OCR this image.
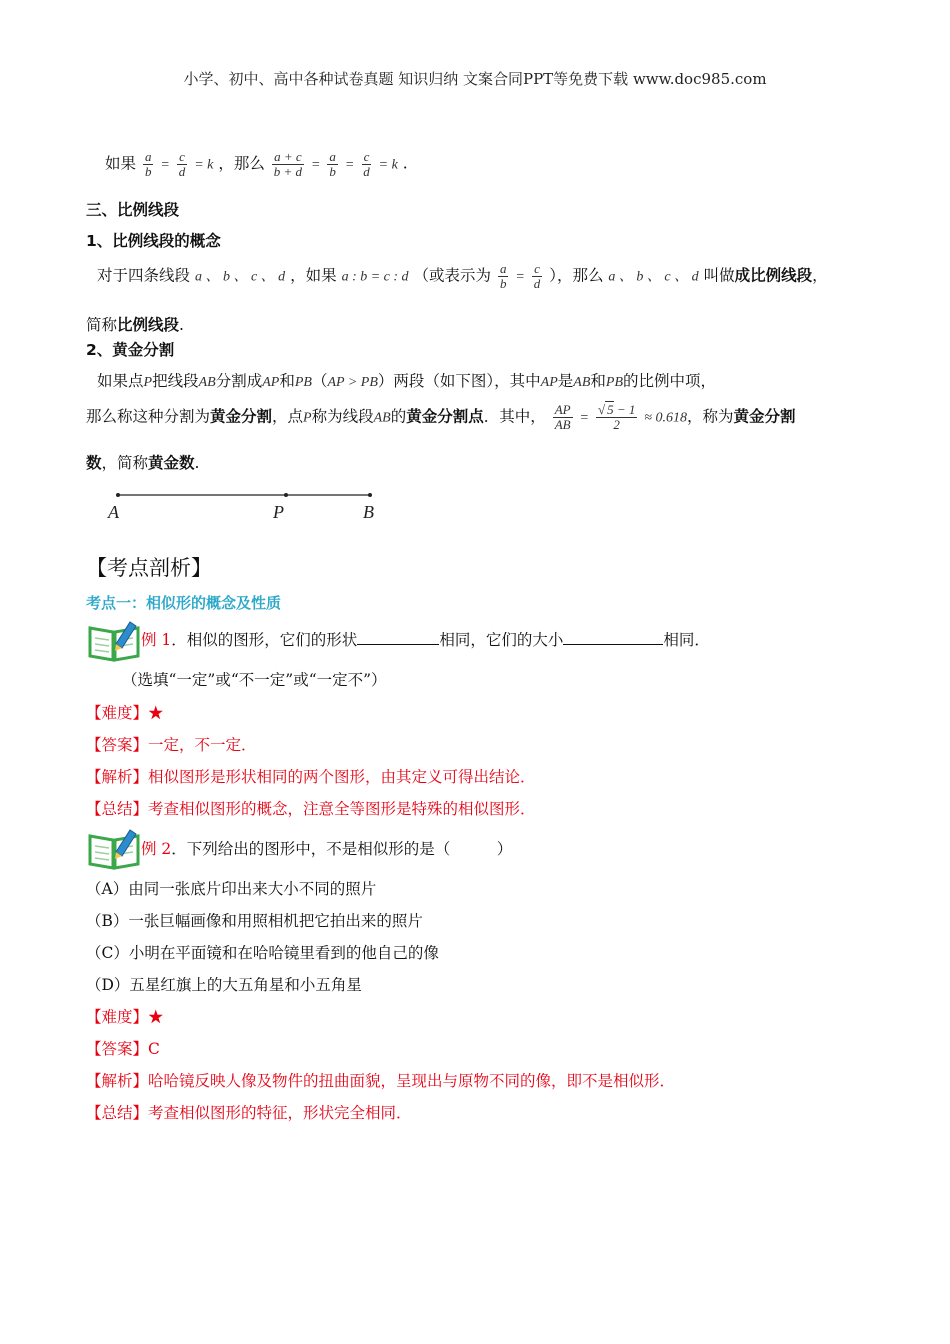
小学、初中、高中各种试卷真题 知识归纳 文案合同PPT等免费下载 www.doc985.com
如果 $\frac{a}{b} = \frac{c}{d} = k$ ，那么 $\frac{a + c}{b + d} = \frac{a}{b} = \frac{c}{d} = k$ .
三、比例线段
1、比例线段的概念
对于四条线段 a 、 b 、 c 、 d ，如果 a : b = c : d （或表示为 $\frac{a}{b} = \frac{c}{d}$ ），那么 a 、 b 、 c 、 d 叫做成比例线段，
简称比例线段.
2、黄金分割
如果点P把线段AB分割成AP和PB（AP > PB）两段（如下图），其中AP是AB和PB的比例中项，
那么称这种分割为黄金分割，点P称为线段AB的黄金分割点．其中， $\frac{AP}{AB} = \frac{√ 5 - 1}{2} \approx 0.618$，称为黄金分割
数，简称黄金数.
A	P	B
【考点剖析】
考点一：相似形的概念及性质
例 1．相似的图形，它们的形状	相同，它们的大小	相同．
（选填“一定”或“不一定”或“一定不”）
【难度】★
【答案】一定，不一定．
【解析】相似图形是形状相同的两个图形，由其定义可得出结论．
【总结】考查相似图形的概念，注意全等图形是特殊的相似图形．
例 2．下列给出的图形中，不是相似形的是（　　　）
（A）由同一张底片印出来大小不同的照片
（B）一张巨幅画像和用照相机把它拍出来的照片
（C）小明在平面镜和在哈哈镜里看到的他自己的像
（D）五星红旗上的大五角星和小五角星
【难度】★
【答案】C
【解析】哈哈镜反映人像及物件的扭曲面貌，呈现出与原物不同的像，即不是相似形．
【总结】考查相似图形的特征，形状完全相同．
